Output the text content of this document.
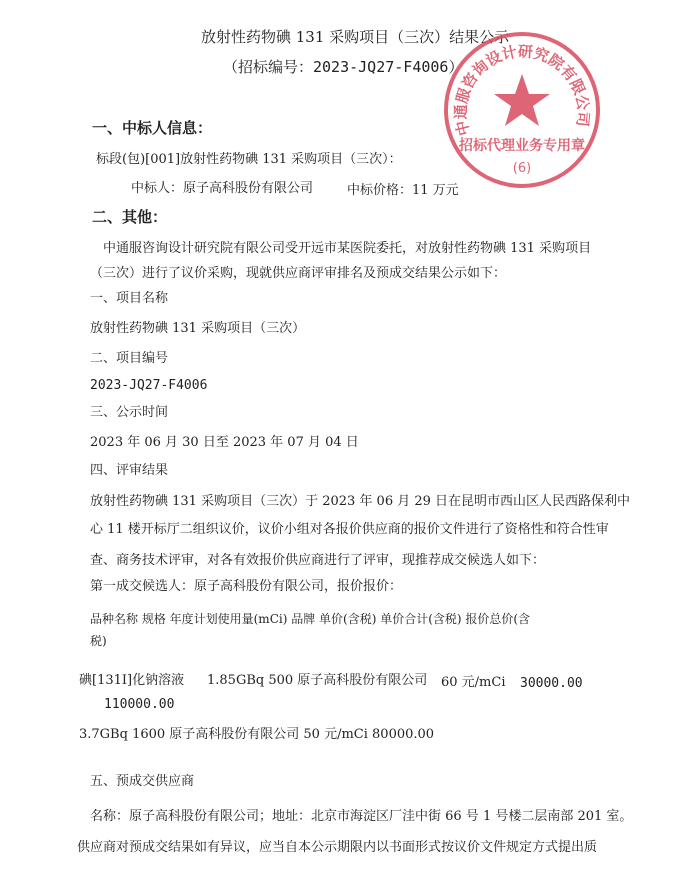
放射性药物碘 131 采购项目（三次）结果公示
（招标编号：2023-JQ27-F4006）
中通服咨询设计研究院有限公司
招标代理业务专用章
(6)
一、中标人信息：
标段(包)[001]放射性药物碘 131 采购项目（三次）：
中标人：原子高科股份有限公司	中标价格：11 万元
二、其他：
中通服咨询设计研究院有限公司受开远市某医院委托，对放射性药物碘 131 采购项目
（三次）进行了议价采购，现就供应商评审排名及预成交结果公示如下：
一、项目名称
放射性药物碘 131 采购项目（三次）
二、项目编号
2023-JQ27-F4006
三、公示时间
2023 年 06 月 30 日至 2023 年 07 月 04 日
四、评审结果
放射性药物碘 131 采购项目（三次）于 2023 年 06 月 29 日在昆明市西山区人民西路保利中
心 11 楼开标厅二组织议价，议价小组对各报价供应商的报价文件进行了资格性和符合性审
查、商务技术评审，对各有效报价供应商进行了评审，现推荐成交候选人如下：
第一成交候选人：原子高科股份有限公司，报价报价：
品种名称 规格 年度计划使用量(mCi) 品牌 单价(含税) 单价合计(含税) 报价总价(含
税)
碘[131I]化钠溶液 1.85GBq 500 原子高科股份有限公司 60 元/mCi 30000.00
110000.00
3.7GBq 1600 原子高科股份有限公司 50 元/mCi 80000.00
五、预成交供应商
名称：原子高科股份有限公司；地址：北京市海淀区厂洼中街 66 号 1 号楼二层南部 201 室。
供应商对预成交结果如有异议，应当自本公示期限内以书面形式按议价文件规定方式提出质
